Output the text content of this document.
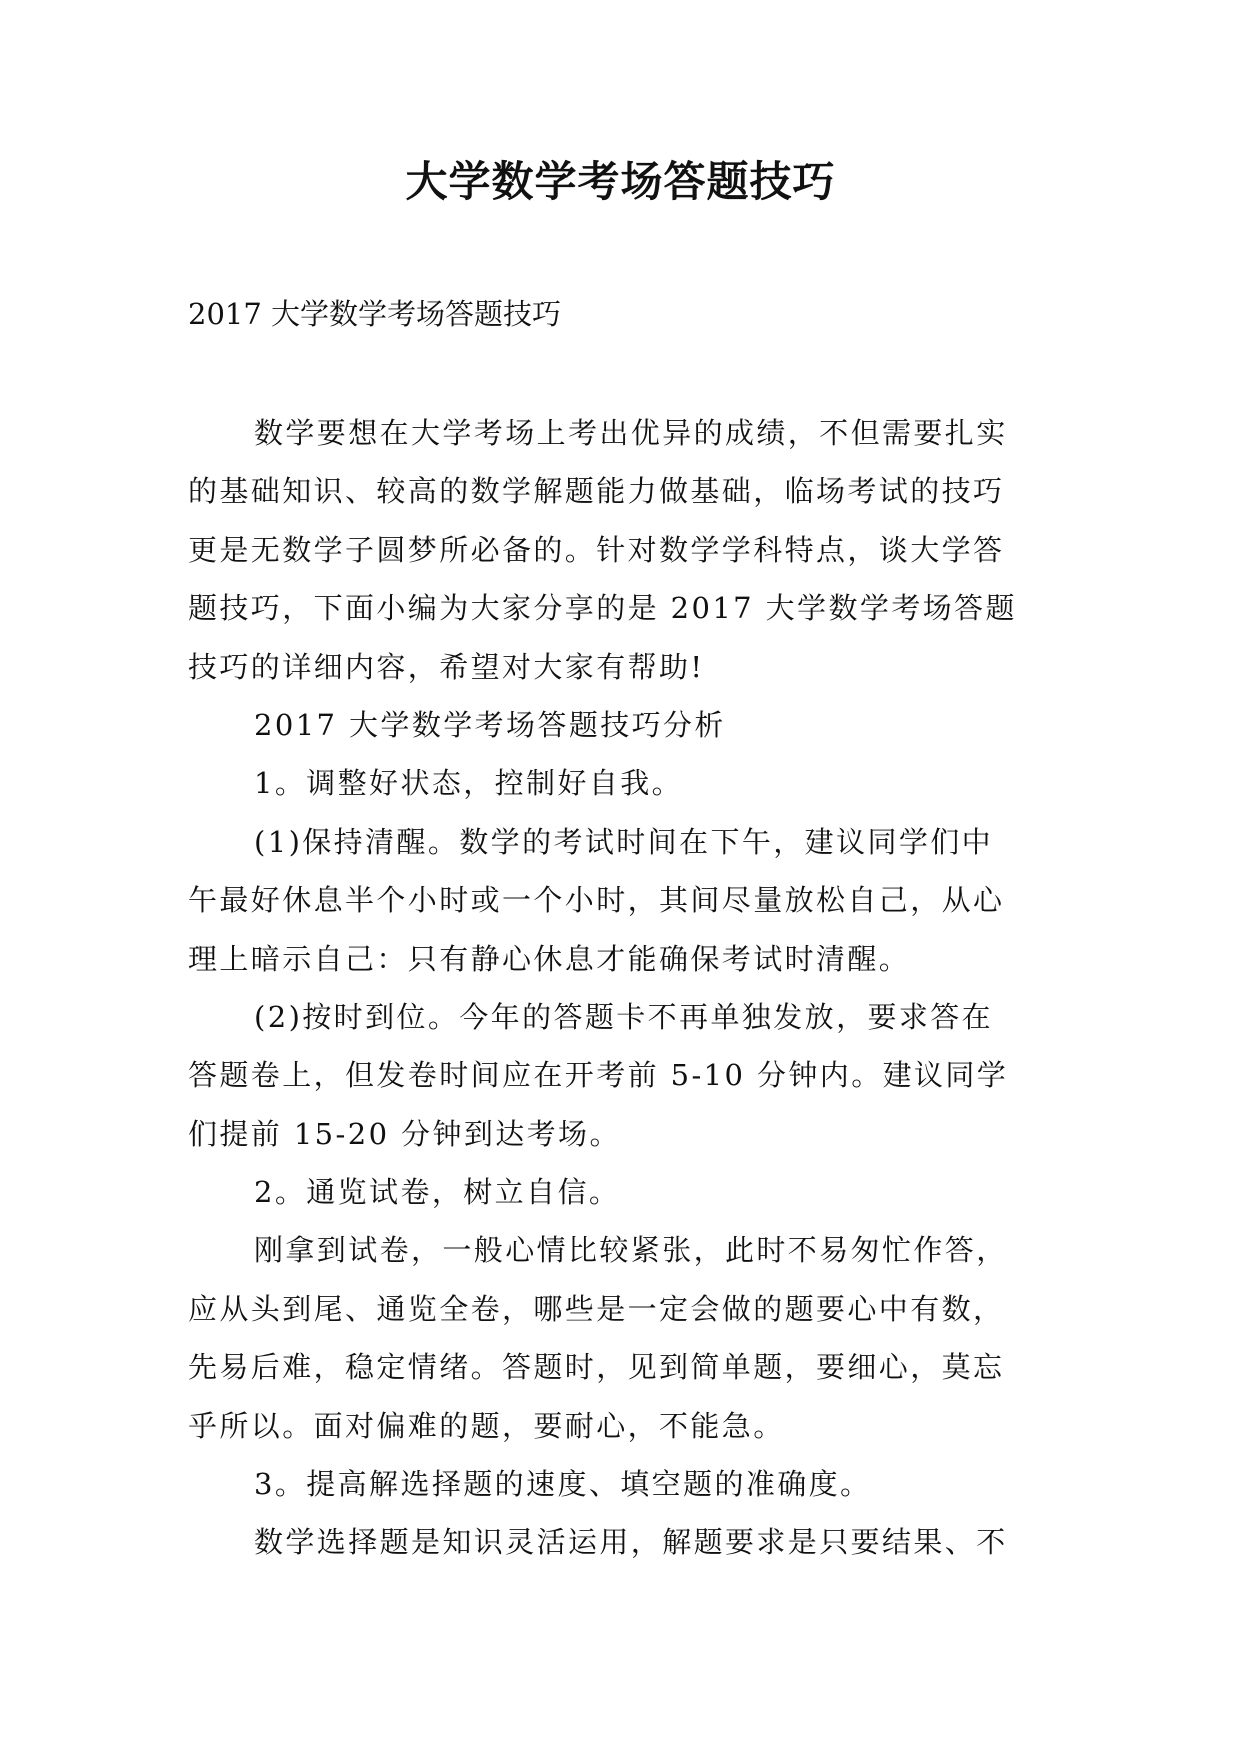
大学数学考场答题技巧
2017 大学数学考场答题技巧
数学要想在大学考场上考出优异的成绩，不但需要扎实
的基础知识、较高的数学解题能力做基础，临场考试的技巧
更是无数学子圆梦所必备的。针对数学学科特点，谈大学答
题技巧，下面小编为大家分享的是 2017 大学数学考场答题
技巧的详细内容，希望对大家有帮助!
2017 大学数学考场答题技巧分析
1。调整好状态，控制好自我。
(1)保持清醒。数学的考试时间在下午，建议同学们中
午最好休息半个小时或一个小时，其间尽量放松自己，从心
理上暗示自己：只有静心休息才能确保考试时清醒。
(2)按时到位。今年的答题卡不再单独发放，要求答在
答题卷上，但发卷时间应在开考前 5-10 分钟内。建议同学
们提前 15-20 分钟到达考场。
2。通览试卷，树立自信。
刚拿到试卷，一般心情比较紧张，此时不易匆忙作答，
应从头到尾、通览全卷，哪些是一定会做的题要心中有数，
先易后难，稳定情绪。答题时，见到简单题，要细心，莫忘
乎所以。面对偏难的题，要耐心，不能急。
3。提高解选择题的速度、填空题的准确度。
数学选择题是知识灵活运用，解题要求是只要结果、不
